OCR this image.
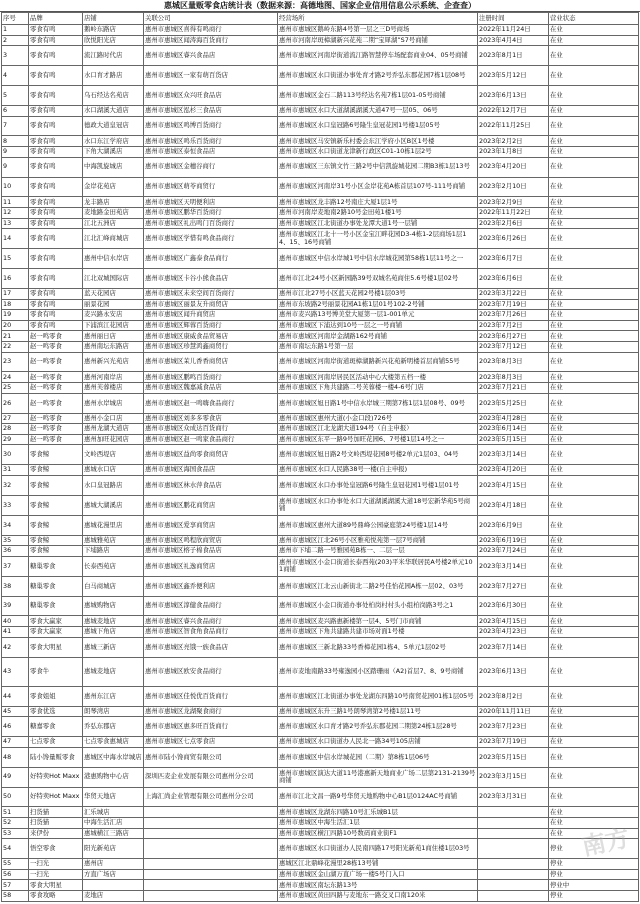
惠城区量贩零食店统计表（数据来源：高德地图、国家企业信用信息公示系统、企查查）
序号	品牌	店铺	关联公司	经营场所	注册时间	营业状态
1	零食有鸣	鹅岭东路店	惠州市惠城区喜得有鸣商行	惠州市惠城区鹅岭东路4号第一层之三D号商场	2022年11月24日	在业
2	零食有鸣	欣悦阳光店	惠州市惠城区闻涛海百货商行	惠州市河南岸斑樟湖新兴花苑二期“宝犀湖”S7号商铺	2023年4月4日	在业
3	零食有鸣	流江路时代店	惠州市惠城区睿兴食品店	惠州市惠城区河南岸街道流江路智慧停车场配套商业04、05号商铺	2023年8月1日	在业
4	零食有鸣	水口育才路店	惠州市惠城区一家有萌百货店	惠州市惠城区水口街道办事处育才路2号乔弘东郡花园7栋1层08号	2023年5月12日	在业
5	零食有鸣	乌石经达名苑店	惠州市惠城区众兴旺食品店	惠州市惠城区金石二路113号经达名苑7栋1层01-05号商铺	2023年6月13日	在业
6	零食有鸣	水口湖溪大道店	惠州市惠城区泓杉三食品店	惠州市惠城区水口大道湖溪湖溪大道47号一层05、06号	2022年12月7日	在业
7	零食有鸣	德政大道皇冠店	惠州市惠城区鸣博百货商行	惠州市惠城区水口皇冠路6号隆生皇冠花园1号楼1层05号	2022年11月25日	在业
8	零食有鸣	水口东江学府店	惠州市惠城区鸣乐百货商行	惠州市惠城区马安镇新乐村委会东江学府小区B区1号楼	2023年2月2日	在业
9	零食有鸣	下角大湖溪店	惠州市惠城区泰恒食品店	惠州市惠城区水口街道龙津新行政区C01-10栋1层2号	2023年1月8日	在业
9	零食有鸣	中海凯旋城店	惠州市惠城区金穗谷商行	惠州市惠城区三东镇文竹三路2号中信凯旋城花园二期B3栋1层13号	2023年4月20日	在业
10	零食有鸣	金岸花苑店	惠州市惠城区萌苓商贸行	惠州市惠城区河南岸31号小区金岸花苑A栋首层107号-111号商铺	2023年2月10日	在业
11	零食有鸣	龙丰路店	惠州市惠城区天明便利店	惠州市惠城区龙丰路12号南庄大厦1层1号	2023年2月9日	在业
12	零食有鸣	麦地路金田苑店	惠州市惠城区鹏华百货商行	惠州市河南岸麦地南2路10号金田苑1楼1号	2022年11月22日	在业
13	零食有鸣	江北五洲店	惠州市惠城区礼出鸣门百货商行	惠州市惠城区江北街道办事处龙潭大道1号一层铺	2023年2月6日	在业
14	零食有鸣	江北汇峰商城店	惠州市惠城区学惜有鸣食品商行	惠州市惠城区江北十一号小区金宝江畔花园D3-4栋1-2层商场1层14、15、16号商铺	2023年6月26日	在业
15	零食有鸣	惠州中信水岸店	惠州市惠城区广鑫泰食品商行	惠州市惠城区中信水岸城1号中信水岸城花园第58栋1层11号之一	2023年6月7日	在业
16	零食有鸣	江北双城国际店	惠州市惠城区卡谷小熊食品店	惠州市江北24号小区新园路39号双城名苑商住5.6号楼1层02号	2023年6月6日	在业
17	零食有鸣	蓝天花园店	惠州市惠城区未来空间百货商行	惠州市江北27号小区蓝天花园2号楼1层03号	2023年3月22日	在业
18	零食有鸣	丽景花园	惠州市惠城区丽景友升商贸店	惠州市东坡路2号丽景花园A1栋1层01号102-2号铺	2023年7月19日	在业
19	零食有鸣	麦兴路永安店	惠州市惠城区闻升商贸店	惠州市麦兴路13号博美堂大厦第一层1-001单元	2023年7月26日	在业
20	零食有鸣	下浦滨江花园店	惠州市惠城区辉蓉百货商行	惠州市惠城区下浦达到10号一层之一号商铺	2023年7月2日	在业
21	赵一鸣零食	惠州丽日店	惠州市惠城区康威食品贸易店	惠州市惠城区河南岸金湖路162号商铺	2023年6月27日	在业
22	赵一鸣零食	惠州南坛东路店	惠州市惠城区珍慧鸿鑫商贸行	惠州市南坛东路1号第一层	2023年7月12日	在业
23	赵一鸣零食	惠州新兴光苑店	惠州市惠城区茉儿香香商贸店	惠州市惠城区河南岸街道斑樟湖路新兴花苑新明楼首层商铺55号	2023年8月3日	在业
24	赵一鸣零食	惠州河南岸店	惠州市惠城区鹏鸣百货商行	惠州市惠城区河南岸居民区活动中心大楼第五档一楼	2023年8月3日	在业
25	赵一鸣零食	惠州芙蓉楼店	惠州市惠城区魏嘉减食品店	惠州市惠城区下角共建路二号芙蓉楼一楼4-6号门店	2023年7月21日	在业
26	赵一鸣零食	惠州水岸城店	惠州市惠城区赵一鸣嗨食品商行	惠州市惠城区旭日路1号中信水岸城三期第7栋1层1层08号、09号	2023年5月25日	在业
27	赵一鸣零食	惠州小金口店	惠州市惠城区刘多多零食店	惠州市惠城区惠州大道(小金口段)726号	2023年4月28日	在业
28	赵一鸣零食	惠州龙湖大道店	惠州市惠城区众成达百货商行	惠州市惠城区江北龙湖大道194号（自主申报）	2023年6月14日	在业
29	赵一鸣零食	惠州加旺花园店	惠州市惠城区赵一鸣家食品商行	惠州市惠城区东平一路9号加旺花园6、7号楼1层14号之一	2023年5月15日	在业
30	零食鲸	文岭西堤店	惠州市惠城区益尚零食商贸店	惠州市惠城区旭日路2号文岭西堤花园8号楼2单元1层03、04号	2023年3月14日	在业
31	零食鲸	惠城水口店	惠州市惠城区海国食品店	惠州市惠城区水口人民路38号一楼(自主申报)	2023年4月20日	在业
32	零食鲸	水口皇冠路店	惠州市惠城区林水萍食品店	惠州市惠城区水口办事处皇冠路6号隆生皇冠花园1号楼1层01号	2023年4月15日	在业
33	零食鲸	惠城大湖溪店	惠州市惠城区鹏花商贸店	惠州市惠城区水口办事处水口大道湖溪湖溪大道18号宏新华苑5号商铺	2023年4月18日	在业
34	零食鲸	惠城花漫里店	惠州市惠城区爱享商贸店	惠州市惠城区惠州大道89号鼎峰公园豪庭第24号楼1层14号	2023年6月9日	在业
35	零食鲸	惠城雅苑店	惠州市惠城区鸣程欣商贸店	惠州市惠城区江北26号小区雅苑悦苑第一层7号商铺	2023年6月19日	在业
36	零食鲸	下埔路店	惠州市惠城区榕子棉食品店	惠州市下埔二路一号雅园苑B栋一、二层一层	2023年7月24日	在业
37	糖巢零食	长泰西苑店	惠州市惠城区礼逸商贸店	惠州市惠城区小金口街道长泰西苑(203)平米华联居民A号楼2单元101商铺	2023年3月14日	在业
38	糖巢零食	白马商城店	惠州市惠城区鑫乔便利店	惠州市惠城区江北云山新街北二路2号佳怡花园A栋一层02、03号	2023年7月27日	在业
39	糖巢零食	惠城购物店	惠州市惠城区淳健食品商行	惠州市惠城区小金口街道办事处柏岗村村头小组柏岗路3号之1	2023年6月30日	在业
40	零食大赢家	惠城麦地店	惠州市惠城区睿兴食品商行	惠州市惠城区麦兴路惠新楼第一层4、5号门市商铺	2023年4月15日	在业
41	零食大赢家	惠城下角店	惠州市惠城区智食角食品商行	惠州市惠城区下角共建路共建市场对面1号楼	2023年4月23日	在业
42	零食大明星	惠城三新店	惠州市惠城区亮饿一族食品店	惠州市惠城区三新北路33号香樟花园1栋4、5单元1层02号	2023年7月14日	在业
43	零食牛	惠城麦地店	惠州市惠城区欧安食品商行	惠州市麦地南路33号雍逸园小区踏珊雨（A2)首层7、8、9号商铺	2023年6月13日	在业
44	零食姐姐	惠州东江店	惠州市惠城区佳悦优百货商行	惠州市惠城区江北街道办事处龙湖东四路10号南贸花园01栋1层05号	2023年8月2日	在业
45	零食优选	朗琴湾店	惠州市惠城区龙湖聚食商行	惠州市惠城区东升三路1号朗琴湾第2号楼1层11号	2020年11月11日	在业
46	糖嘉零食	乔弘东郡店	惠州市惠城区惠多旺百货商行	惠州市惠城区水口育才路2号乔弘东郡花园二期第24栋1层28号	2023年7月23日	在业
47	七点零食	七点零食惠城店	惠州市惠城区七点零食店	惠州市惠城区水口街道办人民北一路34号105店铺	2023年7月19日	在业
48	陆小馋量贩零食	惠城区中海水岸城店	惠州市陆小馋商贸有限公司	惠州市惠城区中信水岸城花园（二期）第8栋1层06号	2023年5月15日	在业
49	好特卖Hot Maxx	港惠购物中心店	深圳匹麦企业发展有限公司惠州分公司	惠州市惠城区演达大道11号港惠新天地商业广场二层第2131-2139号商铺	2023年3月15日	在业
50	好特卖Hot Maxx	华贸天地店	上海汇尚企业管理有限公司惠州分公司	惠州市江北文昌一路9号华贸天地购物中心B1层0124AC号商铺	2023年3月31日	在业
51	扫货猫	汇乐城店		惠州市惠城区龙湖东四路10号汇乐城B1层		在业
52	扫货猫	中海生活汇店		惠州市惠城区中海生活汇1层		在业
53	来伊份	惠城横江三路店		惠州市惠城区横江四路10号数码商业街F1		在业
54	悟空零食	阳光新苑店		惠州市惠城区水口街道办人民南四路17号阳光新苑1商住楼1层03号		停业
55	一扫光	惠州店		惠城区江北鼎峰花漫里28栋13号铺		停业
56	一扫光	方直广场店		惠州市惠城区金山湖万直广场一楼5号门入口		停业
57	零食大明星			惠州市惠城区南坛东路13号		停业中
58	零食攻略	麦地店		惠州市惠城区黄田四路与麦地东一路交叉口南120米		停业
南方
